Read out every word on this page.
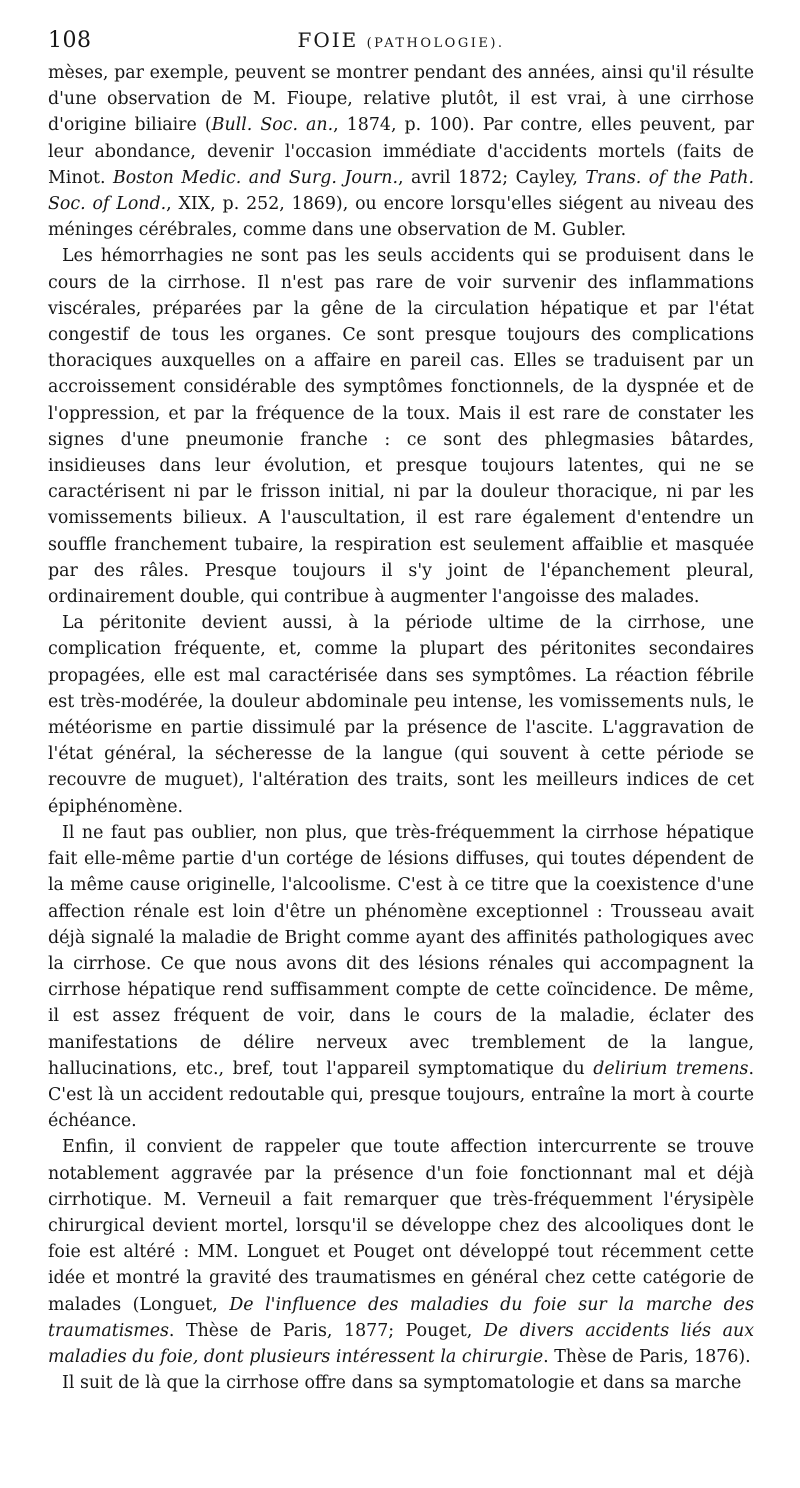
108	FOIE (PATHOLOGIE).

mèses, par exemple, peuvent se montrer pendant des années, ainsi qu'il résulte d'une observation de M. Fioupe, relative plutôt, il est vrai, à une cirrhose d'origine biliaire (Bull. Soc. an., 1874, p. 100). Par contre, elles peuvent, par leur abondance, devenir l'occasion immédiate d'accidents mortels (faits de Minot. Boston Medic. and Surg. Journ., avril 1872; Cayley, Trans. of the Path. Soc. of Lond., XIX, p. 252, 1869), ou encore lorsqu'elles siégent au niveau des méninges cérébrales, comme dans une observation de M. Gubler.

Les hémorrhagies ne sont pas les seuls accidents qui se produisent dans le cours de la cirrhose. Il n'est pas rare de voir survenir des inflammations viscérales, préparées par la gêne de la circulation hépatique et par l'état congestif de tous les organes. Ce sont presque toujours des complications thoraciques auxquelles on a affaire en pareil cas. Elles se traduisent par un accroissement considérable des symptômes fonctionnels, de la dyspnée et de l'oppression, et par la fréquence de la toux. Mais il est rare de constater les signes d'une pneumonie franche : ce sont des phlegmasies bâtardes, insidieuses dans leur évolution, et presque toujours latentes, qui ne se caractérisent ni par le frisson initial, ni par la douleur thoracique, ni par les vomissements bilieux. A l'auscultation, il est rare également d'entendre un souffle franchement tubaire, la respiration est seulement affaiblie et masquée par des râles. Presque toujours il s'y joint de l'épanchement pleural, ordinairement double, qui contribue à augmenter l'angoisse des malades.

La péritonite devient aussi, à la période ultime de la cirrhose, une complication fréquente, et, comme la plupart des péritonites secondaires propagées, elle est mal caractérisée dans ses symptômes. La réaction fébrile est très-modérée, la douleur abdominale peu intense, les vomissements nuls, le météorisme en partie dissimulé par la présence de l'ascite. L'aggravation de l'état général, la sécheresse de la langue (qui souvent à cette période se recouvre de muguet), l'altération des traits, sont les meilleurs indices de cet épiphénomène.

Il ne faut pas oublier, non plus, que très-fréquemment la cirrhose hépatique fait elle-même partie d'un cortége de lésions diffuses, qui toutes dépendent de la même cause originelle, l'alcoolisme. C'est à ce titre que la coexistence d'une affection rénale est loin d'être un phénomène exceptionnel : Trousseau avait déjà signalé la maladie de Bright comme ayant des affinités pathologiques avec la cirrhose. Ce que nous avons dit des lésions rénales qui accompagnent la cirrhose hépatique rend suffisamment compte de cette coïncidence. De même, il est assez fréquent de voir, dans le cours de la maladie, éclater des manifestations de délire nerveux avec tremblement de la langue, hallucinations, etc., bref, tout l'appareil symptomatique du delirium tremens. C'est là un accident redoutable qui, presque toujours, entraîne la mort à courte échéance.

Enfin, il convient de rappeler que toute affection intercurrente se trouve notablement aggravée par la présence d'un foie fonctionnant mal et déjà cirrhotique. M. Verneuil a fait remarquer que très-fréquemment l'érysipèle chirurgical devient mortel, lorsqu'il se développe chez des alcooliques dont le foie est altéré : MM. Longuet et Pouget ont développé tout récemment cette idée et montré la gravité des traumatismes en général chez cette catégorie de malades (Longuet, De l'influence des maladies du foie sur la marche des traumatismes. Thèse de Paris, 1877; Pouget, De divers accidents liés aux maladies du foie, dont plusieurs intéressent la chirurgie. Thèse de Paris, 1876).

Il suit de là que la cirrhose offre dans sa symptomatologie et dans sa marche
